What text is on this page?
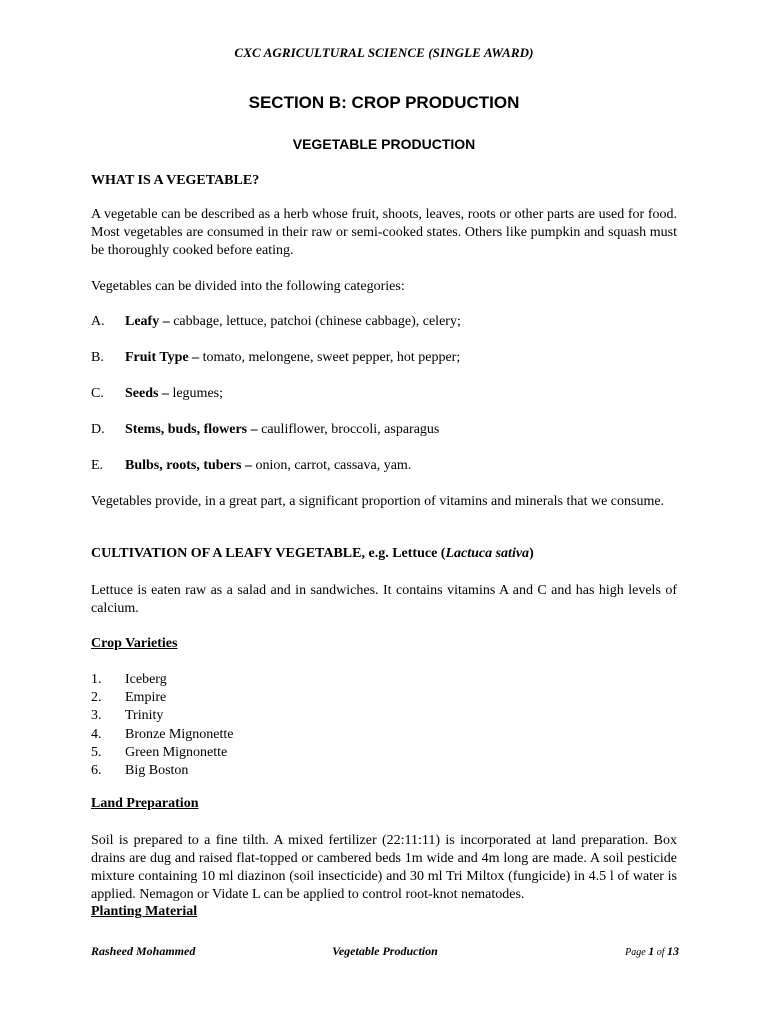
CXC AGRICULTURAL SCIENCE (SINGLE AWARD)
SECTION B: CROP PRODUCTION
VEGETABLE PRODUCTION
WHAT IS A VEGETABLE?
A vegetable can be described as a herb whose fruit, shoots, leaves, roots or other parts are used for food. Most vegetables are consumed in their raw or semi-cooked states. Others like pumpkin and squash must be thoroughly cooked before eating.
Vegetables can be divided into the following categories:
A. Leafy – cabbage, lettuce, patchoi (chinese cabbage), celery;
B. Fruit Type – tomato, melongene, sweet pepper, hot pepper;
C. Seeds – legumes;
D. Stems, buds, flowers – cauliflower, broccoli, asparagus
E. Bulbs, roots, tubers – onion, carrot, cassava, yam.
Vegetables provide, in a great part, a significant proportion of vitamins and minerals that we consume.
CULTIVATION OF A LEAFY VEGETABLE, e.g. Lettuce (Lactuca sativa)
Lettuce is eaten raw as a salad and in sandwiches. It contains vitamins A and C and has high levels of calcium.
Crop Varieties
1. Iceberg
2. Empire
3. Trinity
4. Bronze Mignonette
5. Green Mignonette
6. Big Boston
Land Preparation
Soil is prepared to a fine tilth. A mixed fertilizer (22:11:11) is incorporated at land preparation. Box drains are dug and raised flat-topped or cambered beds 1m wide and 4m long are made. A soil pesticide mixture containing 10 ml diazinon (soil insecticide) and 30 ml Tri Miltox (fungicide) in 4.5 l of water is applied. Nemagon or Vidate L can be applied to control root-knot nematodes.
Planting Material
Rasheed Mohammed	Vegetable Production	Page 1 of 13
